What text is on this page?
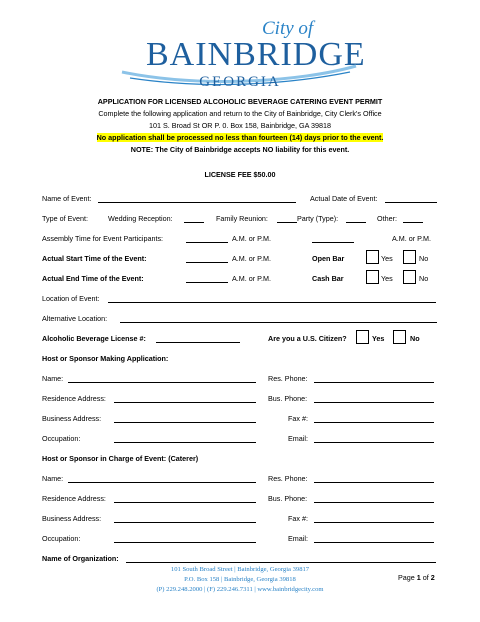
City of
BAINBRIDGE
GEORGIA
APPLICATION FOR LICENSED ALCOHOLIC BEVERAGE CATERING EVENT PERMIT
Complete the following application and return to the City of Bainbridge, City Clerk's Office
101 S. Broad St OR P. 0. Box 158, Bainbridge, GA 39818
No application shall be processed no less than fourteen (14) days prior to the event.
NOTE: The City of Bainbridge accepts NO liability for this event.
LICENSE FEE $50.00
Name of Event:	Actual Date of Event:
Type of Event:	Wedding Reception:	Family Reunion:	Party (Type):	Other:
Assembly Time for Event Participants:	A.M. or P.M.	A.M. or P.M.
Actual Start Time of the Event:	A.M. or P.M.	Open Bar	Yes	No
Actual End Time of the Event:	A.M. or P.M.	Cash Bar	Yes	No
Location of Event:
Alternative Location:
Alcoholic Beverage License #:	Are you a U.S. Citizen?	Yes	No
Host or Sponsor Making Application:
Name:	Res. Phone:
Residence Address:	Bus. Phone:
Business Address:	Fax #:
Occupation:	Email:
Host or Sponsor in Charge of Event: (Caterer)
Name:	Res. Phone:
Residence Address:	Bus. Phone:
Business Address:	Fax #:
Occupation:	Email:
Name of Organization:
101 South Broad Street | Bainbridge, Georgia 39817
P.O. Box 158 | Bainbridge, Georgia 39818
(P) 229.248.2000 | (F) 229.246.7311 | www.bainbridgecity.com
Page 1 of 2
